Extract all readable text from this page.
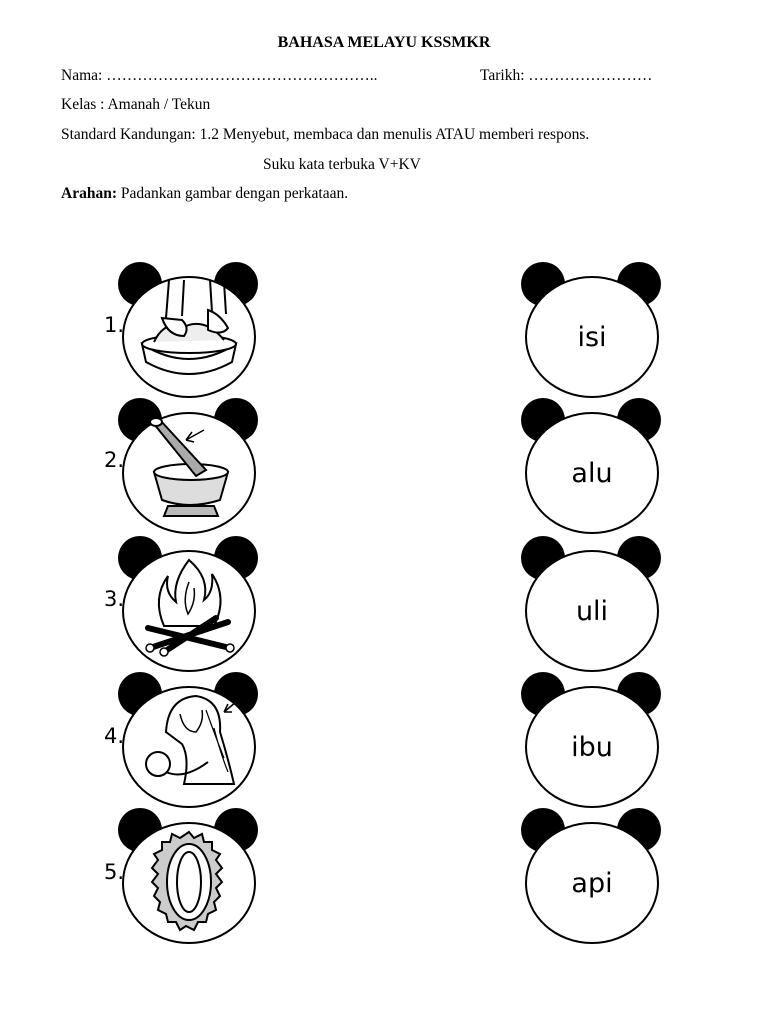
BAHASA MELAYU KSSMKR
Nama: ……………………………………………..	Tarikh: ……………………
Kelas : Amanah / Tekun
Standard Kandungan: 1.2 Menyebut, membaca dan menulis ATAU memberi respons.
Suku kata terbuka V+KV
Arahan: Padankan gambar dengan perkataan.
1.
2.
3.
4.
5.
isi
alu
uli
ibu
api
